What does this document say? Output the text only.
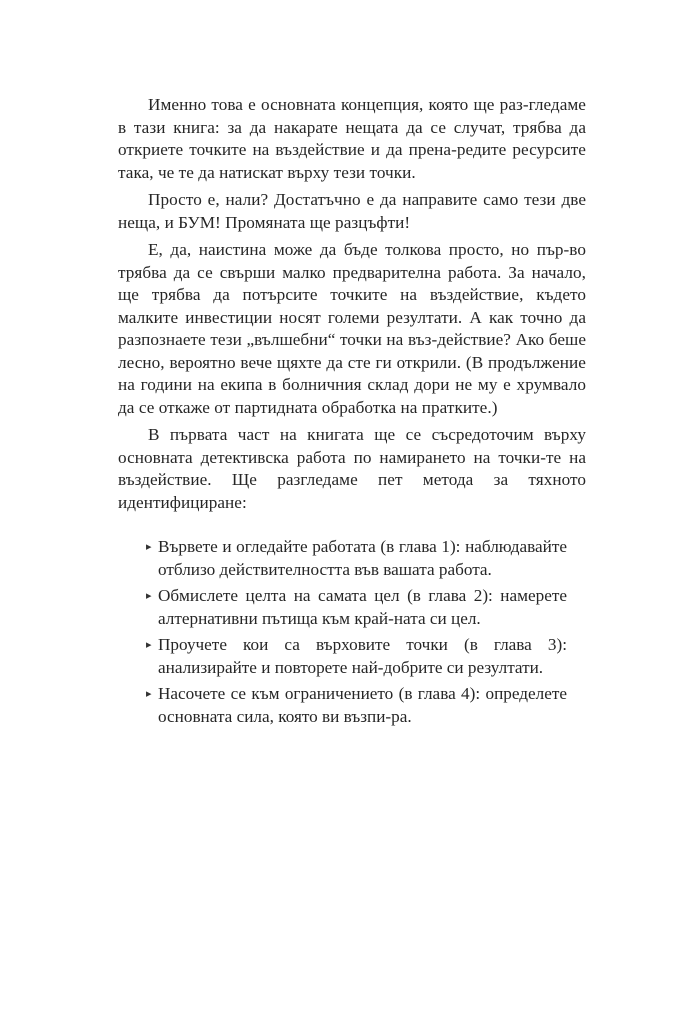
Именно това е основната концепция, която ще раз-гледаме в тази книга: за да накарате нещата да се случат, трябва да откриете точките на въздействие и да прена-редите ресурсите така, че те да натискат върху тези точки.

Просто е, нали? Достатъчно е да направите само тези две неща, и БУМ! Промяната ще разцъфти!

Е, да, наистина може да бъде толкова просто, но пър-во трябва да се свърши малко предварителна работа. За начало, ще трябва да потърсите точките на въздействие, където малките инвестиции носят големи резултати. А как точно да разпознаете тези „вълшебни“ точки на въз-действие? Ако беше лесно, вероятно вече щяхте да сте ги открили. (В продължение на години на екипа в болничния склад дори не му е хрумвало да се откаже от партидната обработка на пратките.)

В първата част на книгата ще се съсредоточим върху основната детективска работа по намирането на точки-те на въздействие. Ще разгледаме пет метода за тяхното идентифициране:

▸ Вървете и огледайте работата (в глава 1): наблюдавайте отблизо действителността във вашата работа.
▸ Обмислете целта на самата цел (в глава 2): намерете алтернативни пътища към край-ната си цел.
▸ Проучете кои са върховите точки (в глава 3): анализирайте и повторете най-добрите си резултати.
▸ Насочете се към ограничението (в глава 4): определете основната сила, която ви възпи-ра.
